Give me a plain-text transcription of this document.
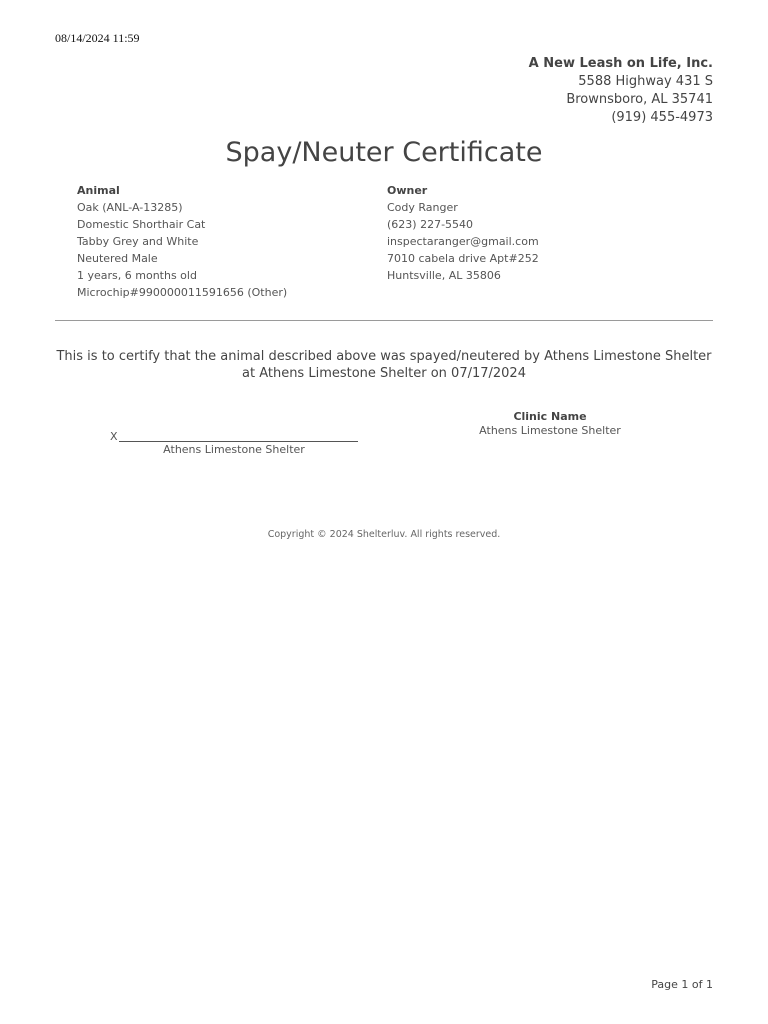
08/14/2024 11:59
A New Leash on Life, Inc.
5588 Highway 431 S
Brownsboro, AL 35741
(919) 455-4973
Spay/Neuter Certificate
Animal
Oak (ANL-A-13285)
Domestic Shorthair Cat
Tabby Grey and White
Neutered Male
1 years, 6 months old
Microchip#990000011591656 (Other)
Owner
Cody Ranger
(623) 227-5540
inspectaranger@gmail.com
7010 cabela drive Apt#252
Huntsville, AL 35806
This is to certify that the animal described above was spayed/neutered by Athens Limestone Shelter at Athens Limestone Shelter on 07/17/2024
X
Athens Limestone Shelter
Clinic Name
Athens Limestone Shelter
Copyright © 2024 Shelterluv. All rights reserved.
Page 1 of 1
